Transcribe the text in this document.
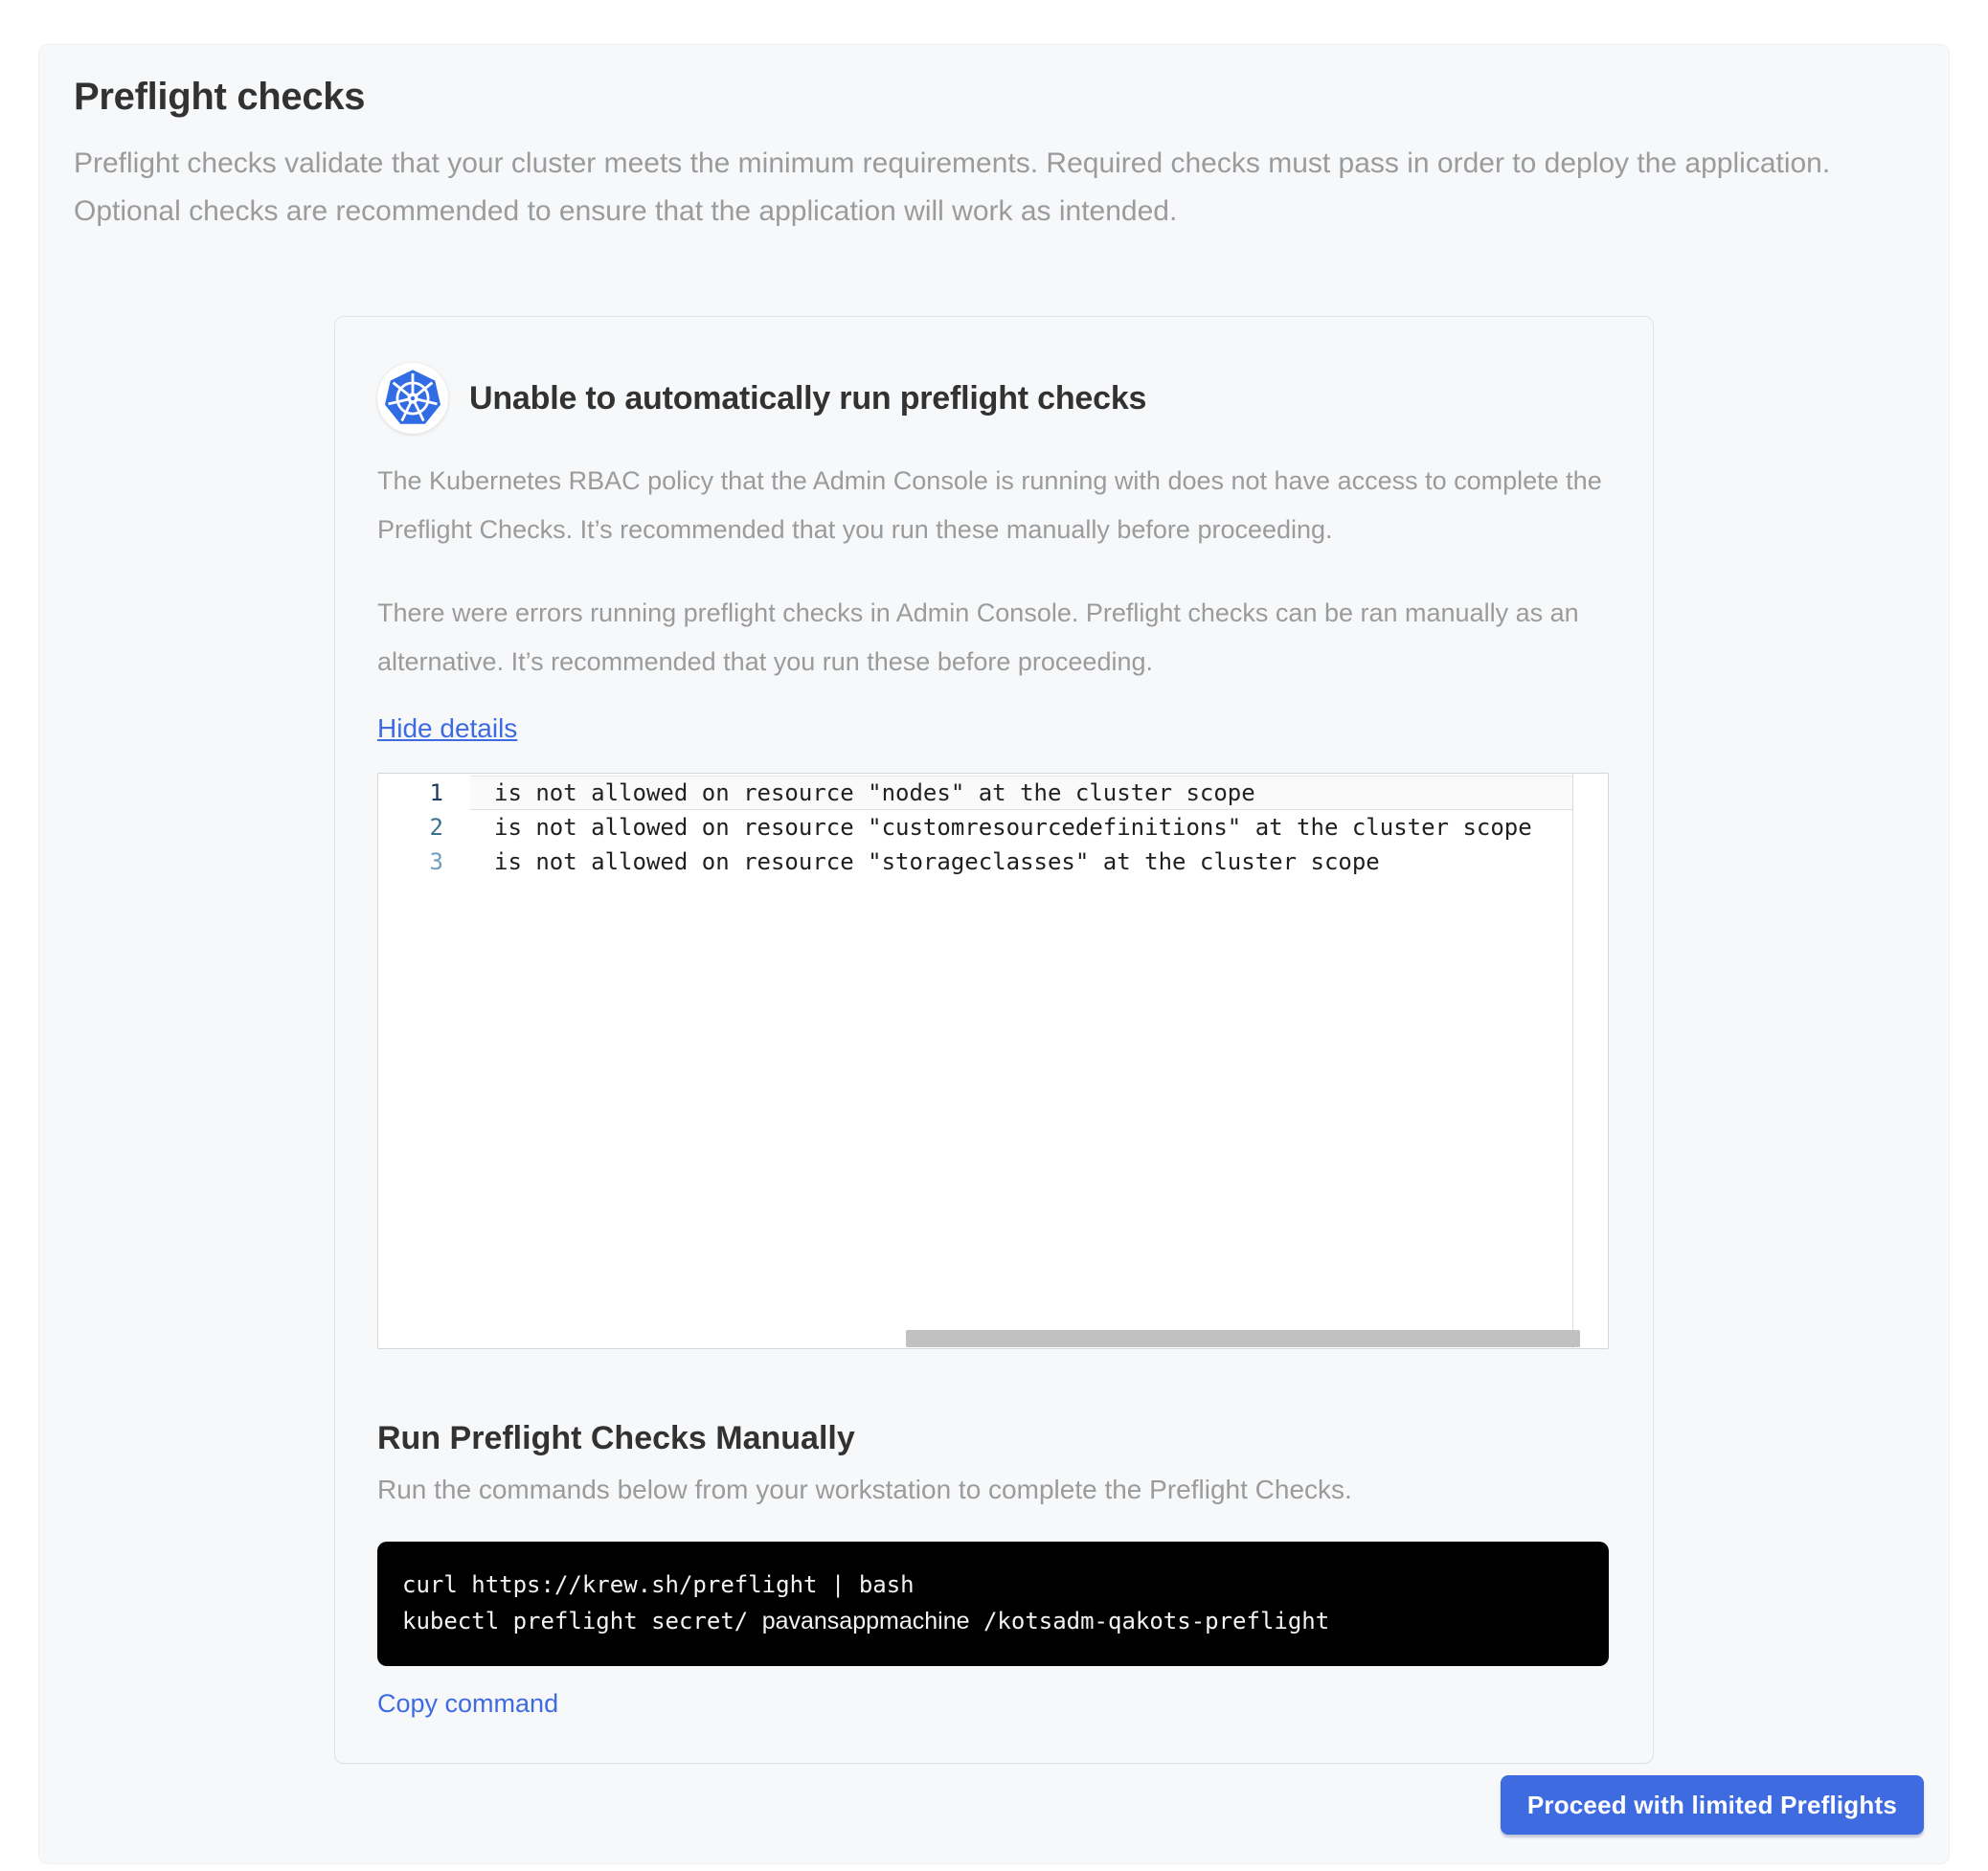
Preflight checks
Preflight checks validate that your cluster meets the minimum requirements. Required checks must pass in order to deploy the application. Optional checks are recommended to ensure that the application will work as intended.
Unable to automatically run preflight checks

The Kubernetes RBAC policy that the Admin Console is running with does not have access to complete the Preflight Checks. It’s recommended that you run these manually before proceeding.

There were errors running preflight checks in Admin Console. Preflight checks can be ran manually as an alternative. It’s recommended that you run these before proceeding.

Hide details
1	is not allowed on resource "nodes" at the cluster scope
2	is not allowed on resource "customresourcedefinitions" at the cluster scope
3	is not allowed on resource "storageclasses" at the cluster scope
Run Preflight Checks Manually
Run the commands below from your workstation to complete the Preflight Checks.
curl https://krew.sh/preflight | bash
kubectl preflight secret/ pavansappmachine /kotsadm-qakots-preflight
Copy command
Proceed with limited Preflights
